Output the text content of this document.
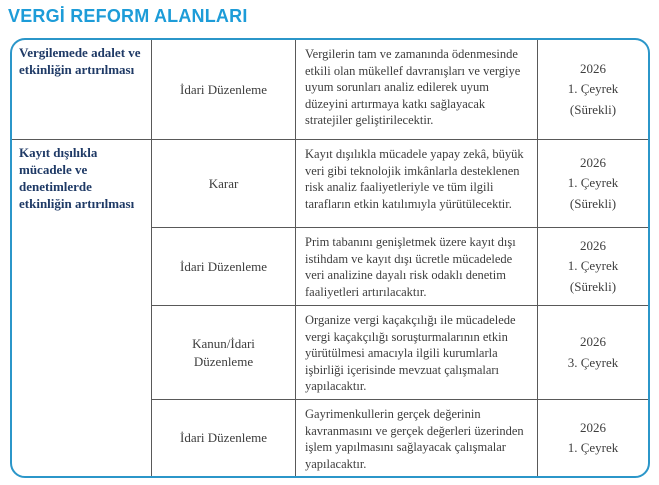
VERGİ REFORM ALANLARI
Vergilemede adalet ve etkinliğin artırılması
Kayıt dışılıkla mücadele ve denetimlerde etkinliğin artırılması
İdari Düzenleme
Vergilerin tam ve zamanında ödenmesinde etkili olan mükellef davranışları ve vergiye uyum sorunları analiz edilerek uyum düzeyini artırmaya katkı sağlayacak stratejiler geliştirilecektir.
2026
1. Çeyrek
(Sürekli)
Karar
Kayıt dışılıkla mücadele yapay zekâ, büyük veri gibi teknolojik imkânlarla desteklenen risk analiz faaliyetleriyle ve tüm ilgili tarafların etkin katılımıyla yürütülecektir.
2026
1. Çeyrek
(Sürekli)
İdari Düzenleme
Prim tabanını genişletmek üzere kayıt dışı istihdam ve kayıt dışı ücretle mücadelede veri analizine dayalı risk odaklı denetim faaliyetleri artırılacaktır.
2026
1. Çeyrek
(Sürekli)
Kanun/İdari Düzenleme
Organize vergi kaçakçılığı ile mücadelede vergi kaçakçılığı soruşturmalarının etkin yürütülmesi amacıyla ilgili kurumlarla işbirliği içerisinde mevzuat çalışmaları yapılacaktır.
2026
3. Çeyrek
İdari Düzenleme
Gayrimenkullerin gerçek değerinin kavranmasını ve gerçek değerleri üzerinden işlem yapılmasını sağlayacak çalışmalar yapılacaktır.
2026
1. Çeyrek
